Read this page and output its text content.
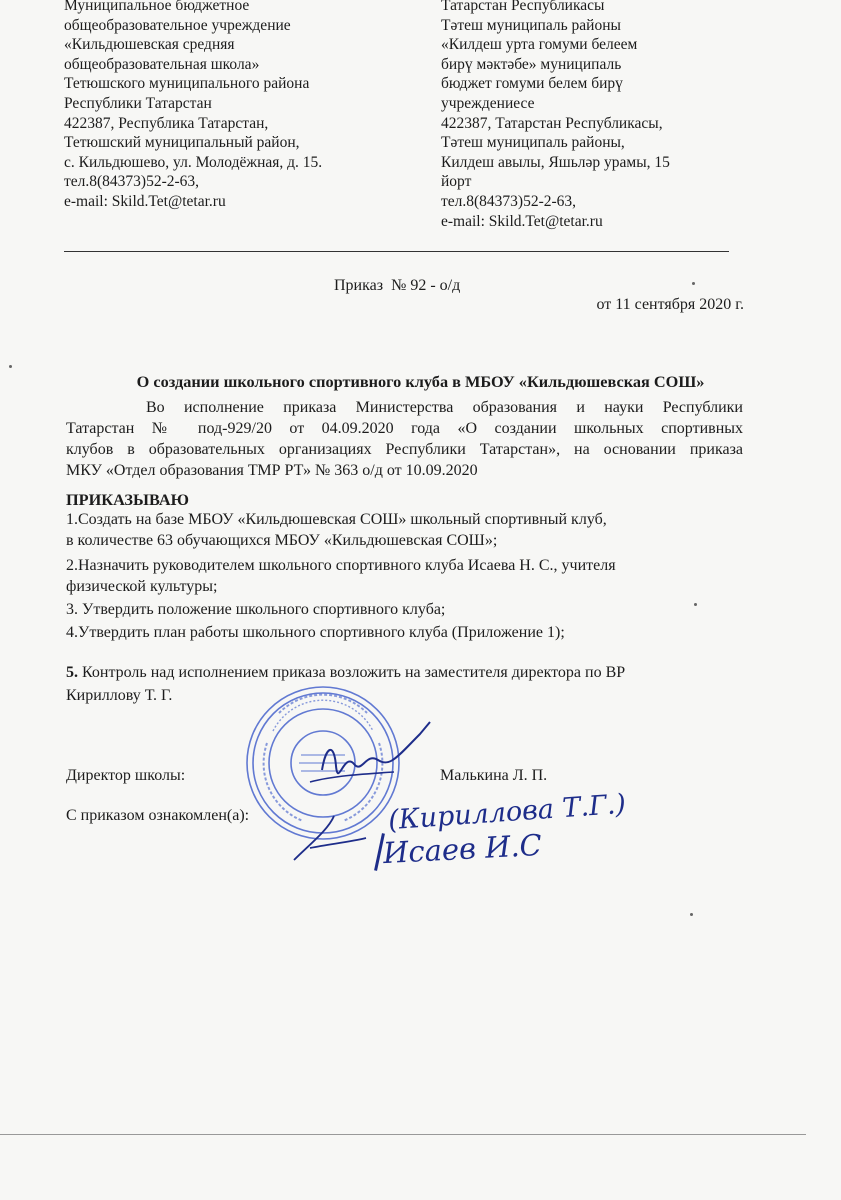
Муниципальное бюджетное
общеобразовательное учреждение
«Кильдюшевская средняя
общеобразовательная школа»
Тетюшского муниципального района
Республики Татарстан
422387, Республика Татарстан,
Тетюшский муниципальный район,
с. Кильдюшево, ул. Молодёжная, д. 15.
тел.8(84373)52-2-63,
e-mail: Skild.Tet@tetar.ru
Татарстан Республикасы
Тәтеш муниципаль районы
«Килдеш урта гомуми белеем
бирү мәктәбе» муниципаль
бюджет гомуми белем бирү
учреждениесе
422387, Татарстан Республикасы,
Тәтеш муниципаль районы,
Килдеш авылы, Яшьләр урамы, 15
йорт
тел.8(84373)52-2-63,
e-mail: Skild.Tet@tetar.ru
Приказ  № 92 - о/д
от 11 сентября 2020 г.
О создании школьного спортивного клуба в МБОУ «Кильдюшевская СОШ»
Во исполнение приказа Министерства образования и науки Республики
Татарстан № под-929/20 от 04.09.2020 года «О создании школьных спортивных
клубов в образовательных организациях Республики Татарстан», на основании приказа
МКУ «Отдел образования ТМР РТ» № 363 о/д от 10.09.2020
ПРИКАЗЫВАЮ
1.Создать на базе МБОУ «Кильдюшевская СОШ» школьный спортивный клуб,
в количестве 63 обучающихся МБОУ «Кильдюшевская СОШ»;
2.Назначить руководителем школьного спортивного клуба Исаева Н. С., учителя
физической культуры;
3. Утвердить положение школьного спортивного клуба;
4.Утвердить план работы школьного спортивного клуба (Приложение 1);
5. Контроль над исполнением приказа возложить на заместителя директора по ВР
Кириллову Т. Г.
Директор школы:	Малькина Л. П.
С приказом ознакомлен(а):	(Кириллова Т.Г.)
Исаев И.С
